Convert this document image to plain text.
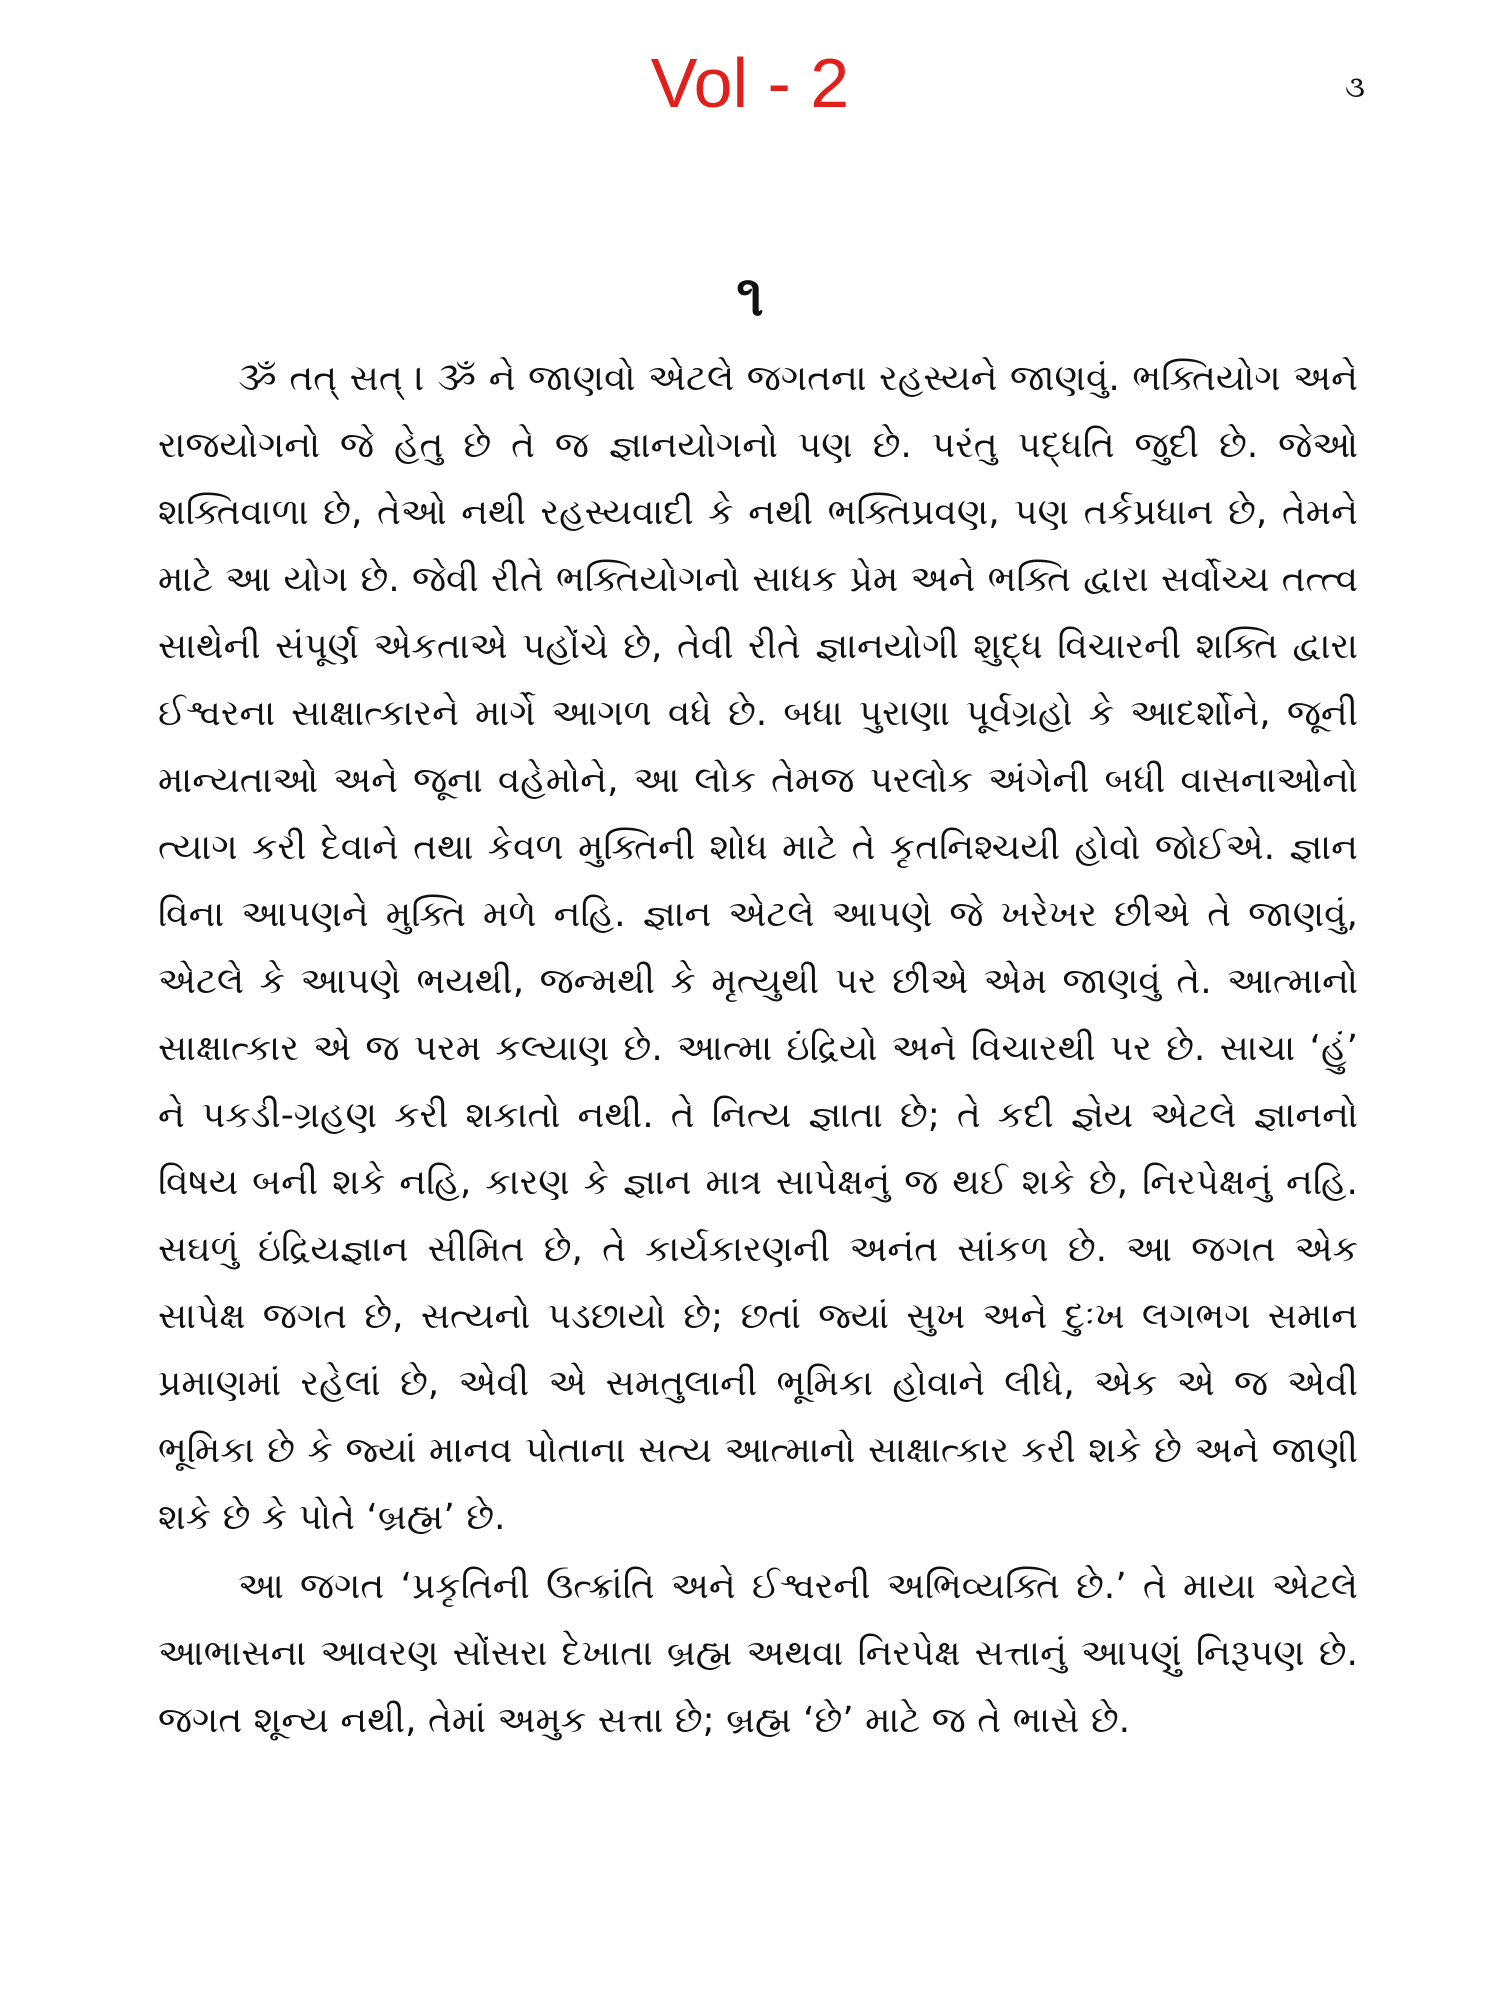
Vol - 2	૩
૧

ૐ તત્ સત્ । ૐ ને જાણવો એટલે જગતના રહસ્યને જાણવું. ભક્તિયોગ અને રાજયોગનો જે હેતુ છે તે જ જ્ઞાનયોગનો પણ છે. પરંતુ પદ્ધતિ જુદી છે. જેઓ શક્તિવાળા છે, તેઓ નથી રહસ્યવાદી કે નથી ભક્તિપ્રવણ, પણ તર્કપ્રધાન છે, તેમને માટે આ યોગ છે. જેવી રીતે ભક્તિયોગનો સાધક પ્રેમ અને ભક્તિ દ્વારા સર્વોચ્ચ તત્ત્વ સાથેની સંપૂર્ણ એકતાએ પહોંચે છે, તેવી રીતે જ્ઞાનયોગી શુદ્ધ વિચારની શક્તિ દ્વારા ઈશ્વરના સાક્ષાત્કારને માર્ગે આગળ વધે છે. બધા પુરાણા પૂર્વગ્રહો કે આદર્શોને, જૂની માન્યતાઓ અને જૂના વહેમોને, આ લોક તેમજ પરલોક અંગેની બધી વાસનાઓનો ત્યાગ કરી દેવાને તથા કેવળ મુક્તિની શોધ માટે તે કૃતનિશ્ચયી હોવો જોઈએ. જ્ઞાન વિના આપણને મુક્તિ મળે નહિ. જ્ઞાન એટલે આપણે જે ખરેખર છીએ તે જાણવું, એટલે કે આપણે ભયથી, જન્મથી કે મૃત્યુથી પર છીએ એમ જાણવું તે. આત્માનો સાક્ષાત્કાર એ જ પરમ કલ્યાણ છે. આત્મા ઇંદ્રિયો અને વિચારથી પર છે. સાચા ‘હું’ ને પકડી-ગ્રહણ કરી શકાતો નથી. તે નિત્ય જ્ઞાતા છે; તે કદી જ્ઞેય એટલે જ્ઞાનનો વિષય બની શકે નહિ, કારણ કે જ્ઞાન માત્ર સાપેક્ષનું જ થઈ શકે છે, નિરપેક્ષનું નહિ. સઘળું ઇંદ્રિયજ્ઞાન સીમિત છે, તે કાર્યકારણની અનંત સાંકળ છે. આ જગત એક સાપેક્ષ જગત છે, સત્યનો પડછાયો છે; છતાં જ્યાં સુખ અને દુઃખ લગભગ સમાન પ્રમાણમાં રહેલાં છે, એવી એ સમતુલાની ભૂમિકા હોવાને લીધે, એક એ જ એવી ભૂમિકા છે કે જ્યાં માનવ પોતાના સત્ય આત્માનો સાક્ષાત્કાર કરી શકે છે અને જાણી શકે છે કે પોતે ‘બ્રહ્મ’ છે.

આ જગત ‘પ્રકૃતિની ઉત્ક્રાંતિ અને ઈશ્વરની અભિવ્યક્તિ છે.’ તે માયા એટલે આભાસના આવરણ સોંસરા દેખાતા બ્રહ્મ અથવા નિરપેક્ષ સત્તાનું આપણું નિરૂપણ છે. જગત શૂન્ય નથી, તેમાં અમુક સત્તા છે; બ્રહ્મ ‘છે’ માટે જ તે ભાસે છે.
